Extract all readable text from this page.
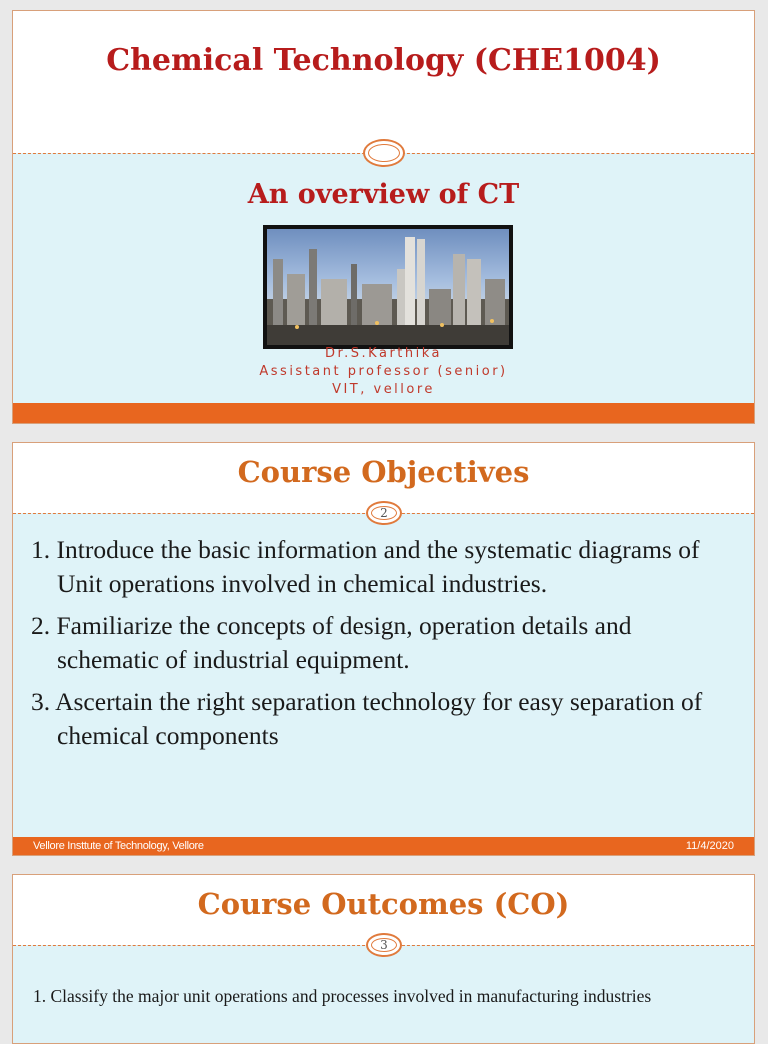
Chemical Technology (CHE1004)
An overview of CT
Dr.S.Karthika
Assistant professor (senior)
VIT, vellore
Course Objectives
2
1. Introduce the basic information and the systematic diagrams of Unit operations involved in chemical industries.
2. Familiarize the concepts of design, operation details and schematic of industrial equipment.
3. Ascertain the right separation technology for easy separation of chemical components
Vellore Insttute of Technology, Vellore	11/4/2020
Course Outcomes (CO)
3
1. Classify the major unit operations and processes involved in manufacturing industries
